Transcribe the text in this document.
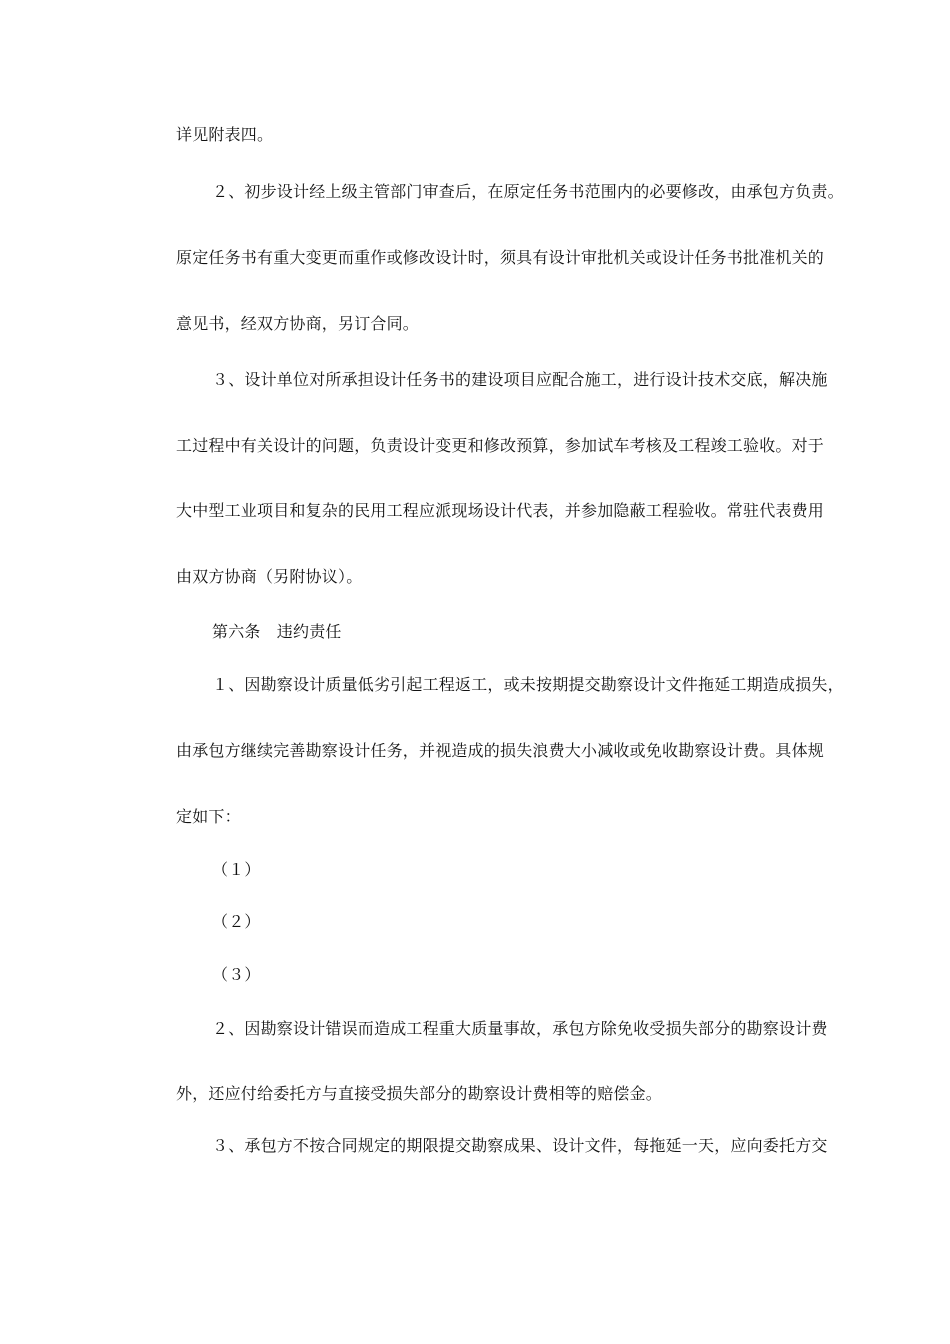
详见附表四。
２、初步设计经上级主管部门审查后，在原定任务书范围内的必要修改，由承包方负责。
原定任务书有重大变更而重作或修改设计时，须具有设计审批机关或设计任务书批准机关的
意见书，经双方协商，另订合同。
３、设计单位对所承担设计任务书的建设项目应配合施工，进行设计技术交底，解决施
工过程中有关设计的问题，负责设计变更和修改预算，参加试车考核及工程竣工验收。对于
大中型工业项目和复杂的民用工程应派现场设计代表，并参加隐蔽工程验收。常驻代表费用
由双方协商（另附协议）。
第六条　违约责任
１、因勘察设计质量低劣引起工程返工，或未按期提交勘察设计文件拖延工期造成损失，
由承包方继续完善勘察设计任务，并视造成的损失浪费大小减收或免收勘察设计费。具体规
定如下：
（１）
（２）
（３）
２、因勘察设计错误而造成工程重大质量事故，承包方除免收受损失部分的勘察设计费
外，还应付给委托方与直接受损失部分的勘察设计费相等的赔偿金。
３、承包方不按合同规定的期限提交勘察成果、设计文件，每拖延一天，应向委托方交
